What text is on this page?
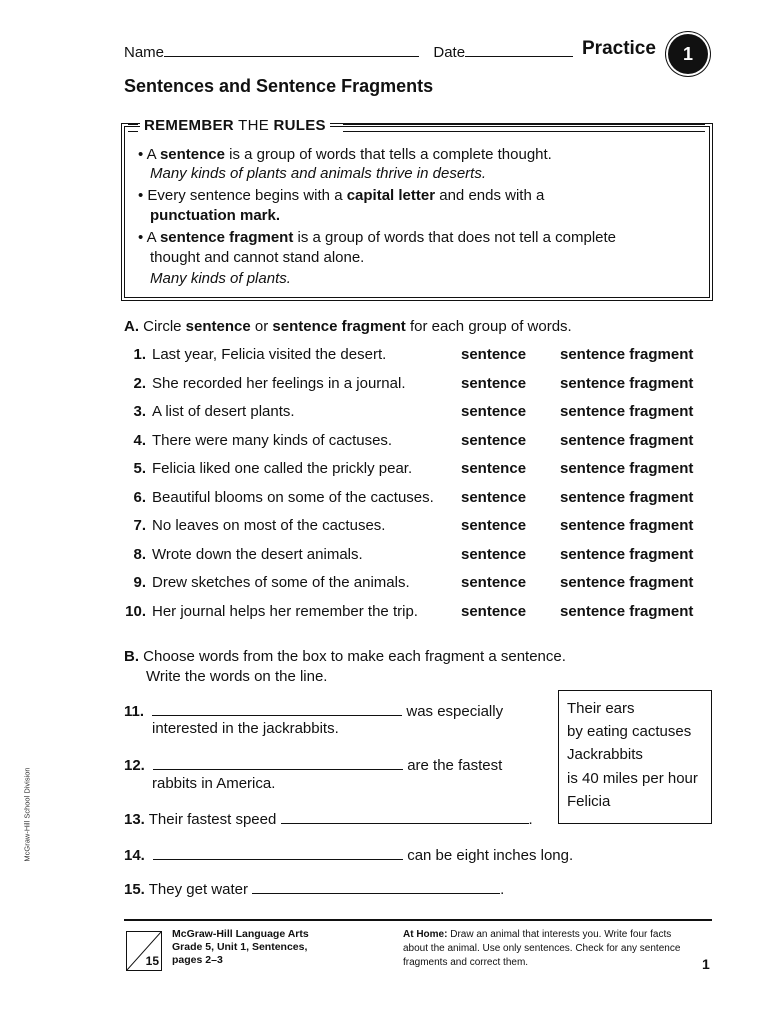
Name	Date	Practice	1
Sentences and Sentence Fragments
REMEMBER THE RULES
• A sentence is a group of words that tells a complete thought.
Many kinds of plants and animals thrive in deserts.
• Every sentence begins with a capital letter and ends with a
punctuation mark.
• A sentence fragment is a group of words that does not tell a complete
thought and cannot stand alone.
Many kinds of plants.
A. Circle sentence or sentence fragment for each group of words.
1. Last year, Felicia visited the desert.	sentence sentence fragment
2. She recorded her feelings in a journal.	sentence sentence fragment
3. A list of desert plants.	sentence sentence fragment
4. There were many kinds of cactuses.	sentence sentence fragment
5. Felicia liked one called the prickly pear.	sentence sentence fragment
6. Beautiful blooms on some of the cactuses. sentence sentence fragment
7. No leaves on most of the cactuses.	sentence sentence fragment
8. Wrote down the desert animals.	sentence sentence fragment
9. Drew sketches of some of the animals.	sentence sentence fragment
10. Her journal helps her remember the trip.	sentence sentence fragment
B. Choose words from the box to make each fragment a sentence.
Write the words on the line.
11.	was especially
interested in the jackrabbits.
12.	are the fastest
rabbits in America.
13. Their fastest speed	.
14.	can be eight inches long.
15. They get water	.
Their ears
by eating cactuses
Jackrabbits
is 40 miles per hour
Felicia
15
McGraw-Hill Language Arts
Grade 5, Unit 1, Sentences,
pages 2–3
At Home: Draw an animal that interests you. Write four facts about the animal. Use only sentences. Check for any sentence fragments and correct them.	1
McGraw-Hill School Division
